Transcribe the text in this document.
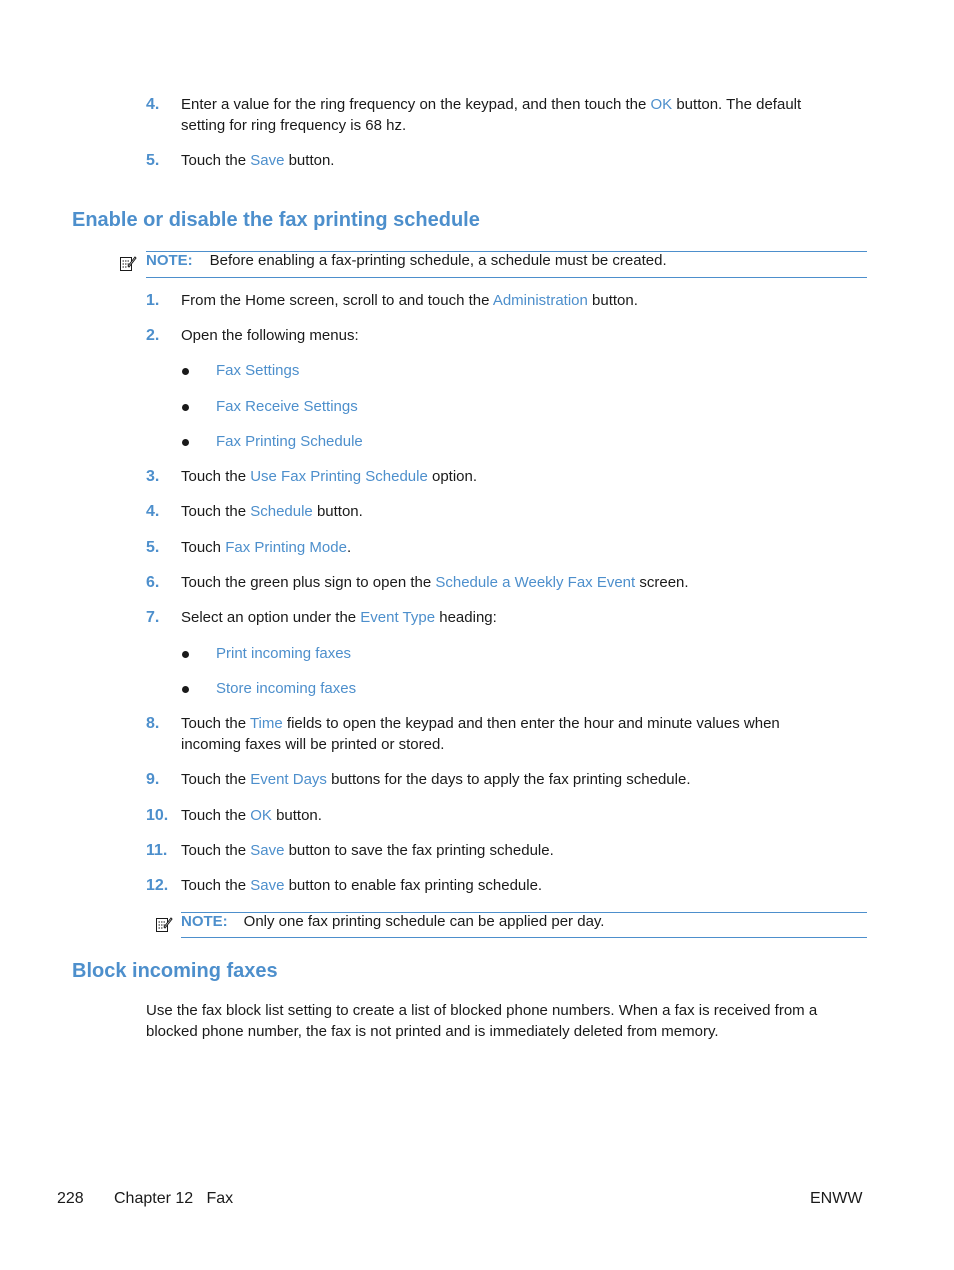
4.	Enter a value for the ring frequency on the keypad, and then touch the OK button. The default
setting for ring frequency is 68 hz.
5.	Touch the Save button.
Enable or disable the fax printing schedule
NOTE: Before enabling a fax-printing schedule, a schedule must be created.
1.	From the Home screen, scroll to and touch the Administration button.
2.	Open the following menus:
Fax Settings
Fax Receive Settings
Fax Printing Schedule
3.	Touch the Use Fax Printing Schedule option.
4.	Touch the Schedule button.
5.	Touch Fax Printing Mode.
6.	Touch the green plus sign to open the Schedule a Weekly Fax Event screen.
7.	Select an option under the Event Type heading:
Print incoming faxes
Store incoming faxes
8.	Touch the Time fields to open the keypad and then enter the hour and minute values when
incoming faxes will be printed or stored.
9.	Touch the Event Days buttons for the days to apply the fax printing schedule.
10. Touch the OK button.
11. Touch the Save button to save the fax printing schedule.
12. Touch the Save button to enable fax printing schedule.
NOTE: Only one fax printing schedule can be applied per day.
Block incoming faxes
Use the fax block list setting to create a list of blocked phone numbers. When a fax is received from a
blocked phone number, the fax is not printed and is immediately deleted from memory.
228 Chapter 12   Fax	ENWW
